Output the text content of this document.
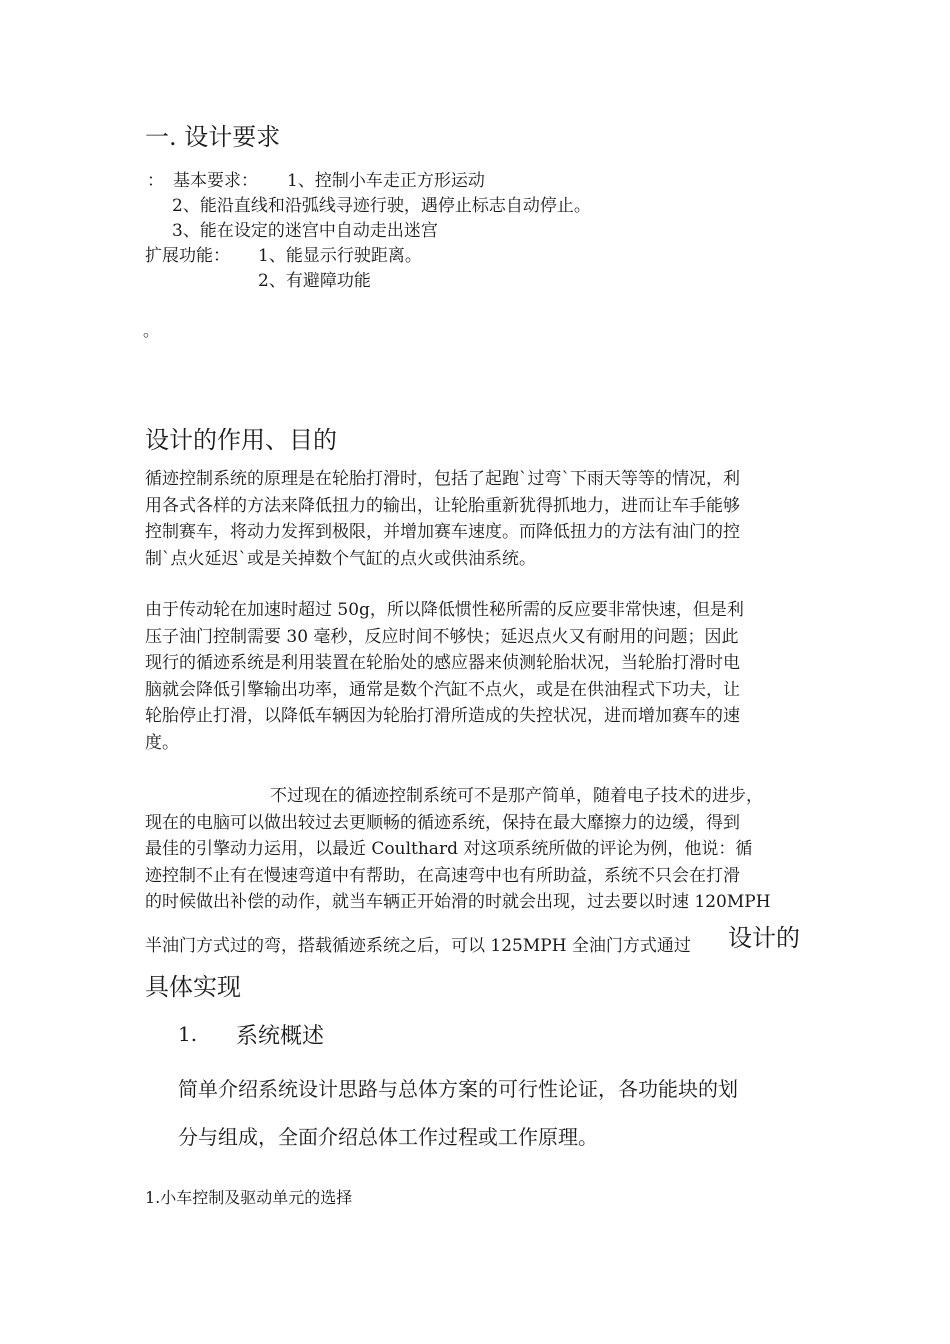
一. 设计要求
： 基本要求： 1、控制小车走正方形运动
2、能沿直线和沿弧线寻迹行驶，遇停止标志自动停止。
3、能在设定的迷宫中自动走出迷宫
扩展功能： 1、能显示行驶距离。
2、有避障功能
。
设计的作用、目的
循迹控制系统的原理是在轮胎打滑时，包括了起跑`过弯`下雨天等等的情况，利
用各式各样的方法来降低扭力的输出，让轮胎重新犹得抓地力，进而让车手能够
控制赛车，将动力发挥到极限，并增加赛车速度。而降低扭力的方法有油门的控
制`点火延迟`或是关掉数个气缸的点火或供油系统。
由于传动轮在加速时超过 50g，所以降低惯性秘所需的反应要非常快速，但是利
压子油门控制需要 30 毫秒，反应时间不够快；延迟点火又有耐用的问题；因此
现行的循迹系统是利用装置在轮胎处的感应器来侦测轮胎状况，当轮胎打滑时电
脑就会降低引擎输出功率，通常是数个汽缸不点火，或是在供油程式下功夫，让
轮胎停止打滑，以降低车辆因为轮胎打滑所造成的失控状况，进而增加赛车的速
度。
不过现在的循迹控制系统可不是那产简单，随着电子技术的进步，
现在的电脑可以做出较过去更顺畅的循迹系统，保持在最大靡擦力的边缓，得到
最佳的引擎动力运用，以最近 Coulthard 对这项系统所做的评论为例，他说：循
迹控制不止有在慢速弯道中有帮助，在高速弯中也有所助益，系统不只会在打滑
的时候做出补偿的动作，就当车辆正开始滑的时就会出现，过去要以时速 120MPH
半油门方式过的弯，搭载循迹系统之后，可以 125MPH 全油门方式通过 设计的
具体实现
1. 系统概述
简单介绍系统设计思路与总体方案的可行性论证，各功能块的划
分与组成，全面介绍总体工作过程或工作原理。
1.小车控制及驱动单元的选择
